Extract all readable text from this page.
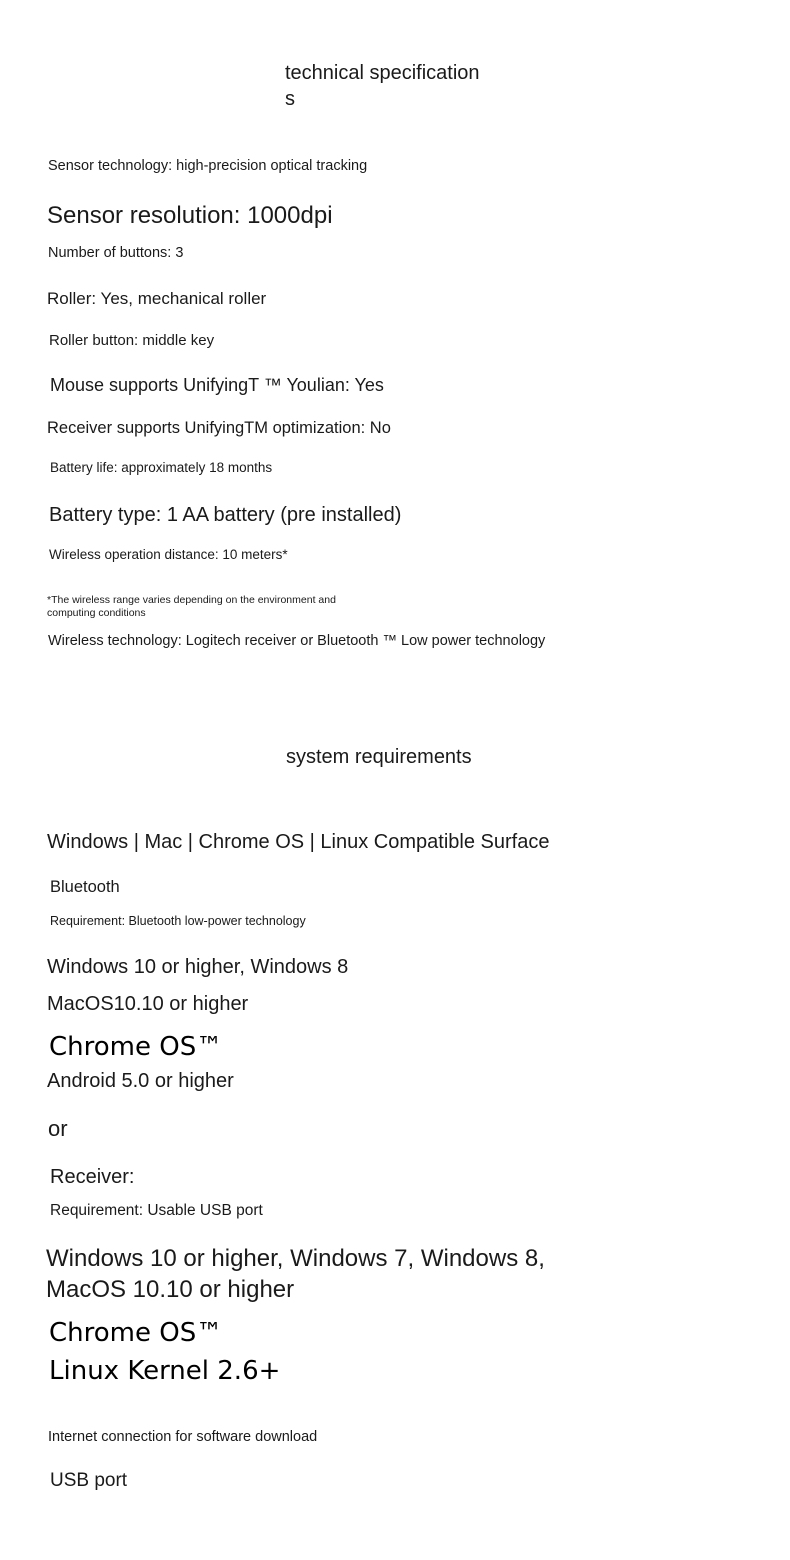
technical specification
s
Sensor technology: high-precision optical tracking
Sensor resolution: 1000dpi
Number of buttons: 3
Roller: Yes, mechanical roller
Roller button: middle key
Mouse supports UnifyingT ™ Youlian: Yes
Receiver supports UnifyingTM optimization: No
Battery life: approximately 18 months
Battery type: 1 AA battery (pre installed)
Wireless operation distance: 10 meters*
*The wireless range varies depending on the environment and computing conditions
Wireless technology: Logitech receiver or Bluetooth ™ Low power technology
system requirements
Windows | Mac | Chrome OS | Linux Compatible Surface
Bluetooth
Requirement: Bluetooth low-power technology
Windows 10 or higher, Windows 8
MacOS10.10 or higher
Chrome OS™
Android 5.0 or higher
or
Receiver:
Requirement: Usable USB port
Windows 10 or higher, Windows 7, Windows 8, MacOS 10.10 or higher
Chrome OS™
Linux Kernel 2.6+
Internet connection for software download
USB port
